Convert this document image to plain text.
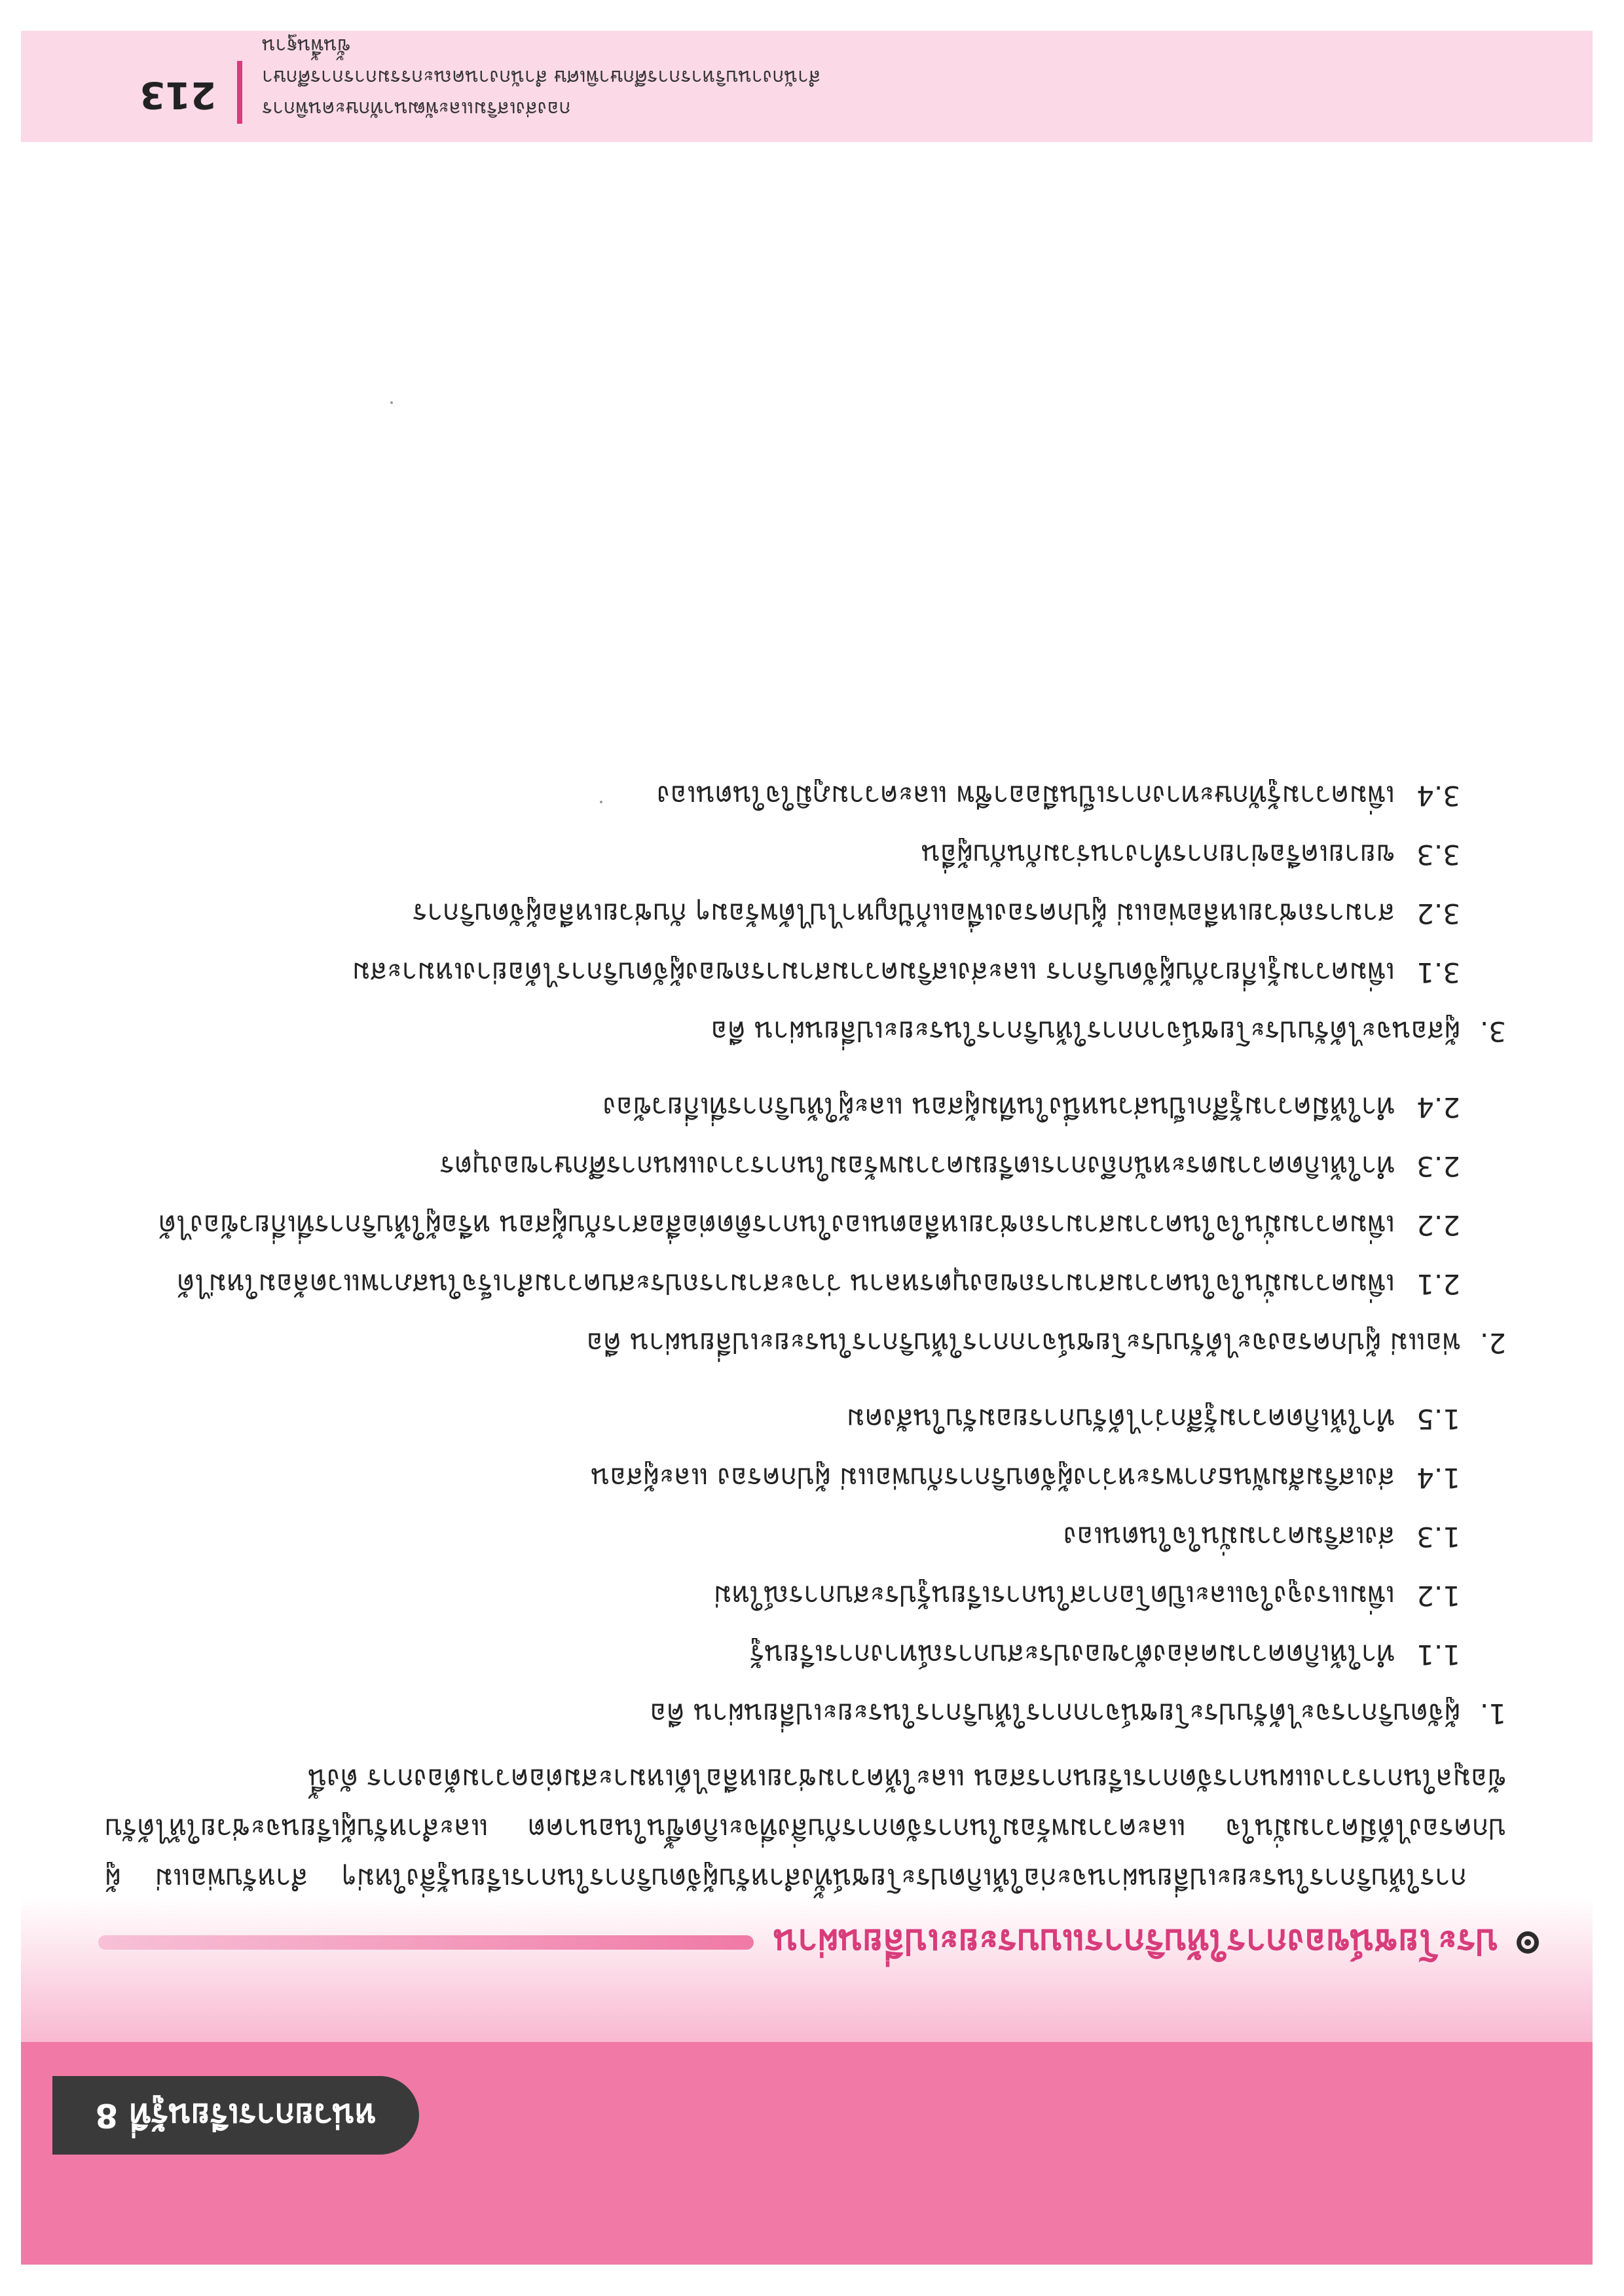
หน่วยการเรียนรู้ที่ 8
ประโยชน์ของการให้บริการแบบระยะเปลี่ยนผ่าน

การให้บริการในระยะเปลี่ยนผ่านจะก่อให้เกิดประโยชน์ทั้งสำหรับผู้จัดบริการในการเรียนรู้สิ่งใหม่ๆ สำหรับพ่อแม่ ผู้ปกครองได้มีความมั่นใจ และความพร้อมในการจัดการกับสิ่งที่จะเกิดขึ้นในอนาคต และสำหรับผู้เรียนจะช่วยให้ได้รับข้อมูลในการวางแผนการจัดการเรียนการสอน และให้ความช่วยเหลือได้เหมาะสมต่อความต้องการ ดังนี้

1.
ผู้จัดบริการจะได้รับประโยชน์จากการให้บริการในระยะเปลี่ยนผ่าน คือ
1.1
ทำให้เกิดความคล่องตัวของประสบการณ์ทางการเรียนรู้
1.2
เพิ่มแรงจูงใจและเปิดโอกาสในการเรียนรู้ประสบการณ์ใหม่
1.3
ส่งเสริมความมั่นใจในตนเอง
1.4
ส่งเสริมสัมพันธภาพระหว่างผู้จัดบริการกับพ่อแม่ ผู้ปกครอง และผู้สอน
1.5
ทำให้เกิดความรู้สึกว่าได้รับการยอมรับในสังคม
2.
พ่อแม่ ผู้ปกครองจะได้รับประโยชน์จากการให้บริการในระยะเปลี่ยนผ่าน คือ
2.1
เพิ่มความมั่นใจในความสามารถของบุตรหลาน ว่าจะสามารถประสบความสำเร็จในสภาพแวดล้อมใหม่ได้
2.2
เพิ่มความมั่นใจในความสามารถช่วยเหลือตนเองในการติดต่อสื่อสารกับผู้สอน หรือผู้ให้บริการที่เกี่ยวข้องได้
2.3
ทำให้เกิดความตระหนักถึงการเตรียมความพร้อมในการวางแผนการศึกษาของบุตร
2.4
ทำให้มีความรู้สึกเป็นส่วนหนึ่งในทีมผู้สอน และผู้ให้บริการที่เกี่ยวข้อง
3.
ผู้สอนจะได้รับประโยชน์จากการให้บริการในระยะเปลี่ยนผ่าน คือ
3.1
เพิ่มความรู้เกี่ยวกับผู้จัดบริการ และส่งเสริมความสามารถของผู้จัดบริการได้อย่างเหมาะสม
3.2
สามารถช่วยเหลือพ่อแม่ ผู้ปกครองเพื่อแก้ปัญหาไปได้พร้อมๆ กับช่วยเหลือผู้จัดบริการ
3.3
ขยายเครือข่ายการทำงานร่วมกันกับผู้อื่น
3.4
เพิ่มความรู้ทักษะทางการเป็นมืออาชีพ และความภูมิใจในตนเอง
กองส่งเสริมและพัฒนาทักษะคนพิการ
สำนักงานบริหารการศึกษาพิเศษ สำนักงานคณะกรรมการการศึกษาขั้นพื้นฐาน
213
